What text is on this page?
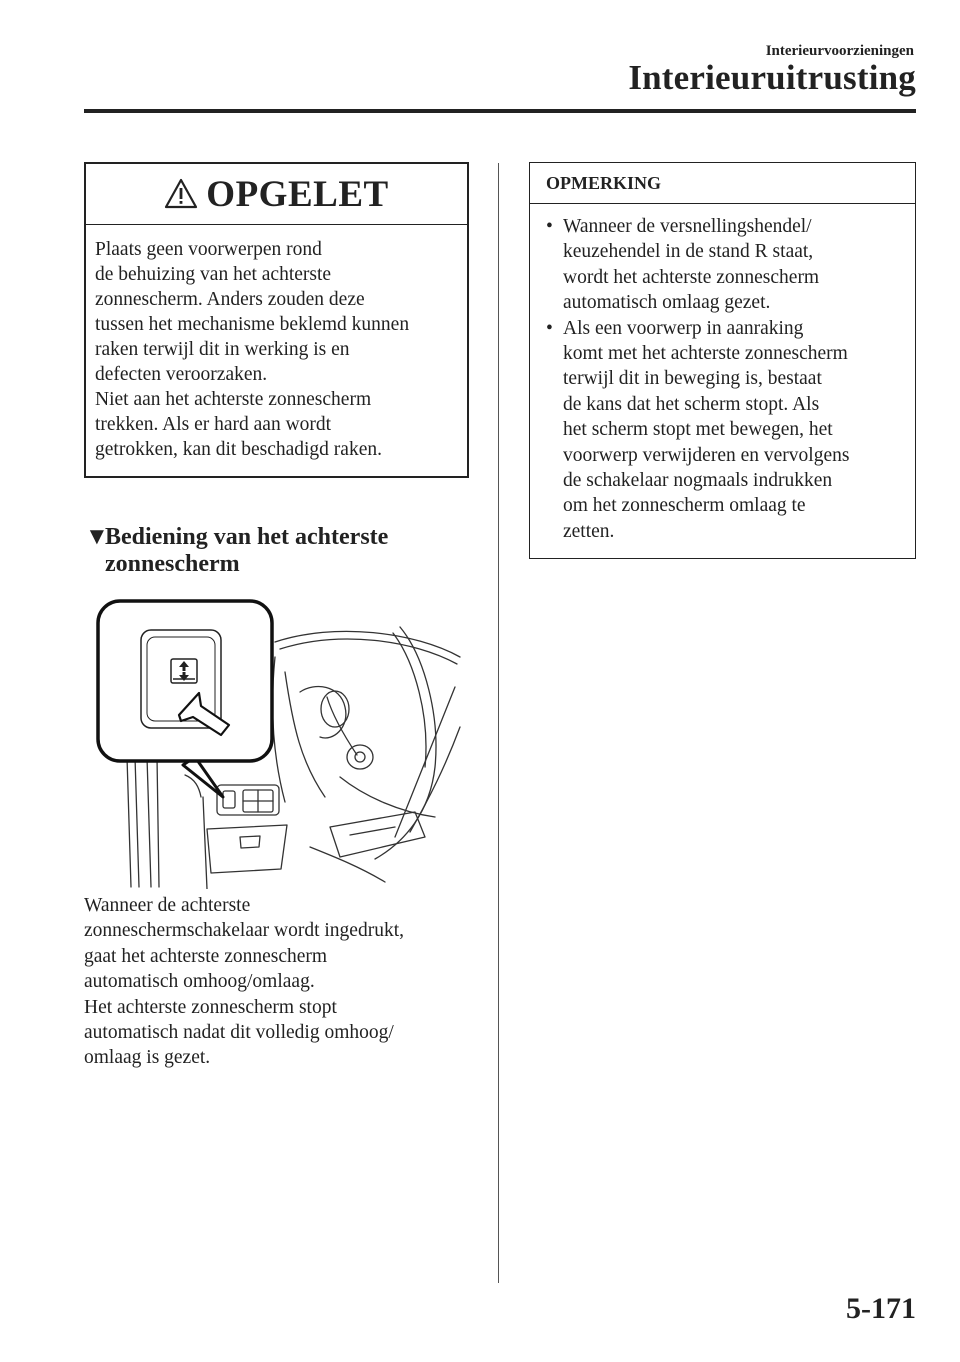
Interieurvoorzieningen
Interieuruitrusting
OPGELET

Plaats geen voorwerpen rond

de behuizing van het achterste

zonnescherm. Anders zouden deze

tussen het mechanisme beklemd kunnen

raken terwijl dit in werking is en

defecten veroorzaken.

Niet aan het achterste zonnescherm

trekken. Als er hard aan wordt

getrokken, kan dit beschadigd raken.

▼Bediening van het achterste
zonnescherm

Wanneer de achterste

zonneschermschakelaar wordt ingedrukt,

gaat het achterste zonnescherm

automatisch omhoog/omlaag.

Het achterste zonnescherm stopt

automatisch nadat dit volledig omhoog/

omlaag is gezet.

OPMERKING
• Wanneer de versnellingshendel/
keuzehendel in de stand R staat,
wordt het achterste zonnescherm
automatisch omlaag gezet.
• Als een voorwerp in aanraking
komt met het achterste zonnescherm
terwijl dit in beweging is, bestaat
de kans dat het scherm stopt. Als
het scherm stopt met bewegen, het
voorwerp verwijderen en vervolgens
de schakelaar nogmaals indrukken
om het zonnescherm omlaag te
zetten.
5-171
